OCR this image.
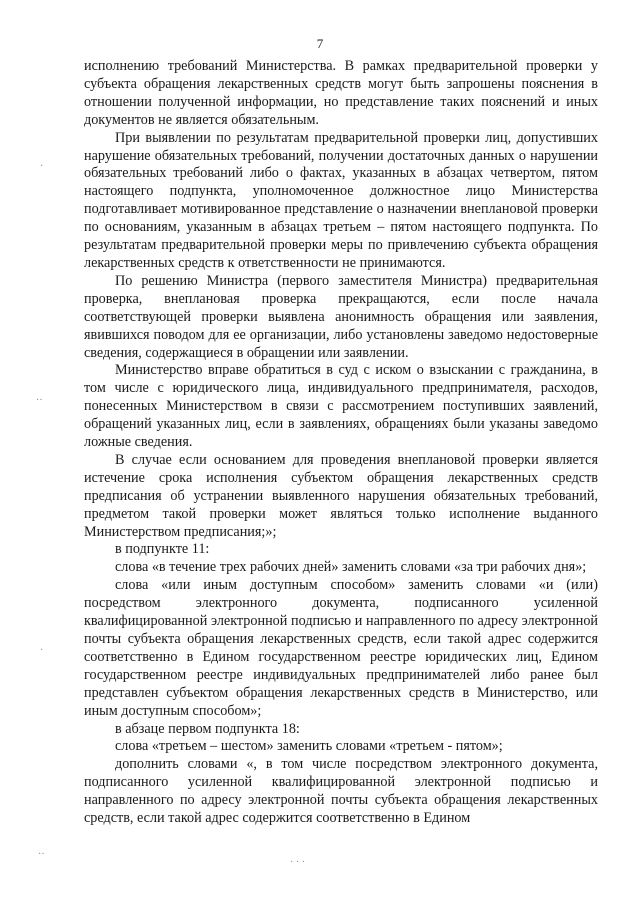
7

исполнению требований Министерства. В рамках предварительной проверки у субъекта обращения лекарственных средств могут быть запрошены пояснения в отношении полученной информации, но представление таких пояснений и иных документов не является обязательным.

При выявлении по результатам предварительной проверки лиц, допустивших нарушение обязательных требований, получении достаточных данных о нарушении обязательных требований либо о фактах, указанных в абзацах четвертом, пятом настоящего подпункта, уполномоченное должностное лицо Министерства подготавливает мотивированное представление о назначении внеплановой проверки по основаниям, указанным в абзацах третьем – пятом настоящего подпункта. По результатам предварительной проверки меры по привлечению субъекта обращения лекарственных средств к ответственности не принимаются.

По решению Министра (первого заместителя Министра) предварительная проверка, внеплановая проверка прекращаются, если после начала соответствующей проверки выявлена анонимность обращения или заявления, явившихся поводом для ее организации, либо установлены заведомо недостоверные сведения, содержащиеся в обращении или заявлении.

Министерство вправе обратиться в суд с иском о взыскании с гражданина, в том числе с юридического лица, индивидуального предпринимателя, расходов, понесенных Министерством в связи с рассмотрением поступивших заявлений, обращений указанных лиц, если в заявлениях, обращениях были указаны заведомо ложные сведения.

В случае если основанием для проведения внеплановой проверки является истечение срока исполнения субъектом обращения лекарственных средств предписания об устранении выявленного нарушения обязательных требований, предметом такой проверки может являться только исполнение выданного Министерством предписания;»;

в подпункте 11:

слова «в течение трех рабочих дней» заменить словами «за три рабочих дня»;

слова «или иным доступным способом» заменить словами «и (или) посредством электронного документа, подписанного усиленной квалифицированной электронной подписью и направленного по адресу электронной почты субъекта обращения лекарственных средств, если такой адрес содержится соответственно в Едином государственном реестре юридических лиц, Едином государственном реестре индивидуальных предпринимателей либо ранее был представлен субъектом обращения лекарственных средств в Министерство, или иным доступным способом»;

в абзаце первом подпункта 18:

слова «третьем – шестом» заменить словами «третьем - пятом»;

дополнить словами «, в том числе посредством электронного документа, подписанного усиленной квалифицированной электронной подписью и направленного по адресу электронной почты субъекта обращения лекарственных средств, если такой адрес содержится соответственно в Едином

·
··
·
··
· · ·
